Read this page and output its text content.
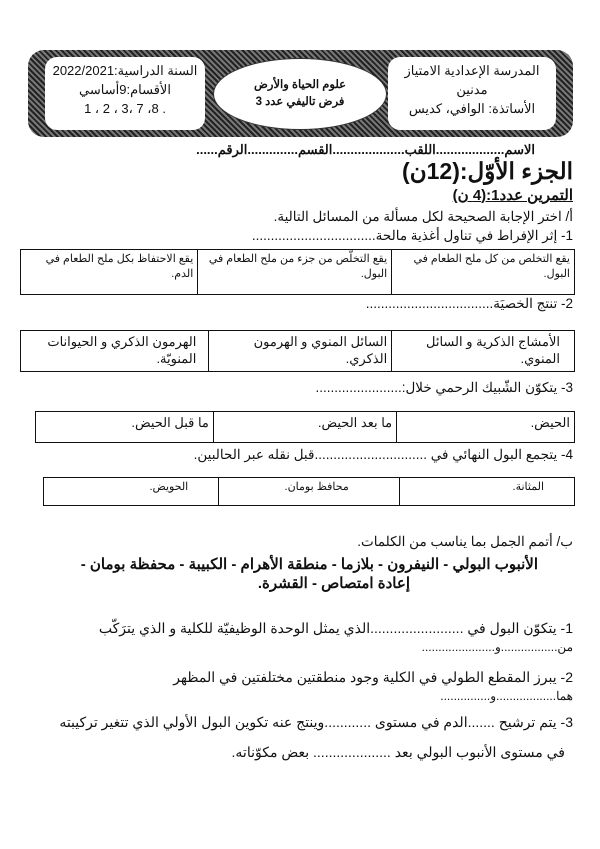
المدرسة الإعدادية الامتياز
مدنين
الأساتذة: الوافي، كديس
علوم الحياة والأرض
فرض تاليفي عدد 3
السنة الدراسية:2022/2021
الأقسام:9أساسي
. 8، 7 ،3 ، 2 ، 1
الاسم...................اللقب....................القسم..............الرقم......
الجزء الأوّل:(12ن)
التمرين عدد1:(4 ن)
أ/ اختر الإجابة الصحيحة لكل مسألة من المسائل التالية.
1- إثر الإفراط في تناول أغذية مالحة.................................
يقع التخلص من كل ملح الطعام في البول.	يقع التخلّص من جزء من ملح الطعام في البول.	يقع الاحتفاظ بكل ملح الطعام في الدم.
2- تنتج الخصيَة..................................
الأمشاج الذكرية و السائل المنوي.	السائل المنوي و الهرمون الذكري.	الهرمون الذكري و الحيوانات المنويّة.
3- يتكوّن الشّبيك الرحمي خلال:.......................
الحيض.	ما بعد الحيض.	ما قبل الحيض.
4- يتجمع البول النهائي في ..............................قبل نقله عبر الحالبين.
المثانة.	محافظ بومان.	الحويض.
ب/ أتمم الجمل بما يناسب من الكلمات.
الأنبوب البولي - النيفرون - بلازما - منطقة الأهرام - الكبيبة - محفظة بومان -
إعادة امتصاص - القشرة.
1- يتكوّن البول في ........................الذي يمثل الوحدة الوظيفيّة للكلية و الذي يترَكّب
من.................و......................
2- يبرز المقطع الطولي في الكلية وجود منطقتين مختلفتين في المظهر
هما..................و...............
3- يتم ترشيح .......الدم في مستوى ............وينتج عنه تكوين البول الأولي الذي تتغير تركيبته
في مستوى الأنبوب البولي بعد .................... بعض مكوّناته.
